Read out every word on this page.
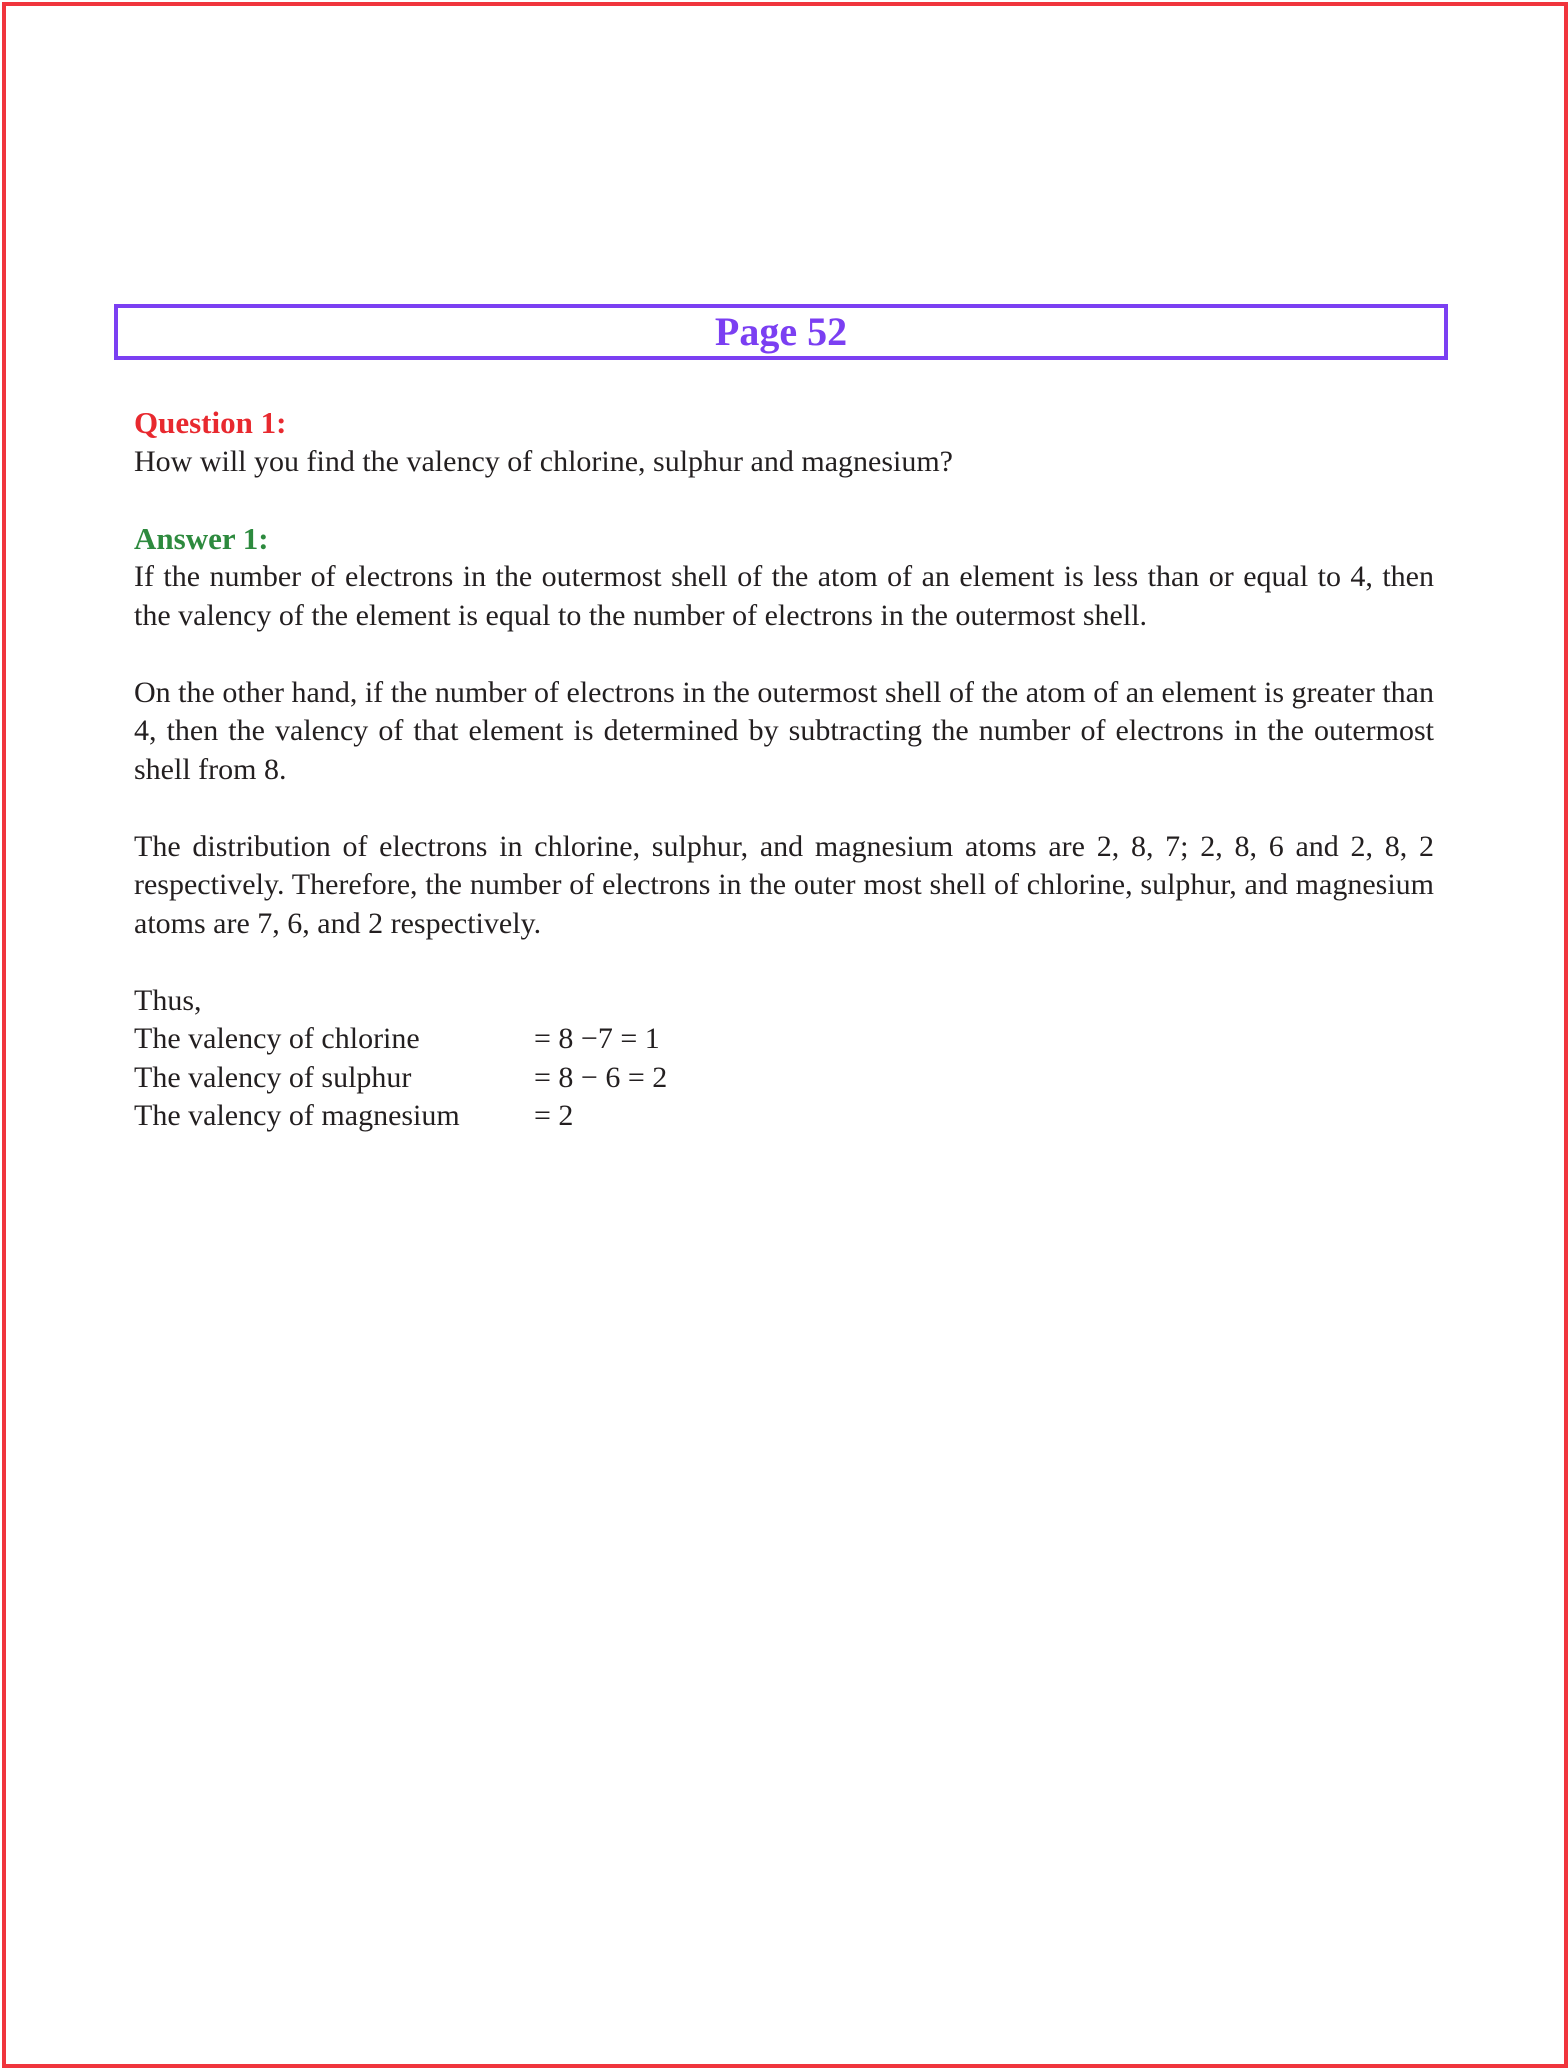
Page 52
Question 1:
How will you find the valency of chlorine, sulphur and magnesium?
Answer 1:

If the number of electrons in the outermost shell of the atom of an element is less than or equal to 4, then the valency of the element is equal to the number of electrons in the outermost shell.

On the other hand, if the number of electrons in the outermost shell of the atom of an element is greater than 4, then the valency of that element is determined by subtracting the number of electrons in the outermost shell from 8.

The distribution of electrons in chlorine, sulphur, and magnesium atoms are 2, 8, 7; 2, 8, 6 and 2, 8, 2 respectively. Therefore, the number of electrons in the outer most shell of chlorine, sulphur, and magnesium atoms are 7, 6, and 2 respectively.

Thus,
The valency of chlorine	= 8 −7 = 1
The valency of sulphur	= 8 − 6 = 2
The valency of magnesium	= 2
